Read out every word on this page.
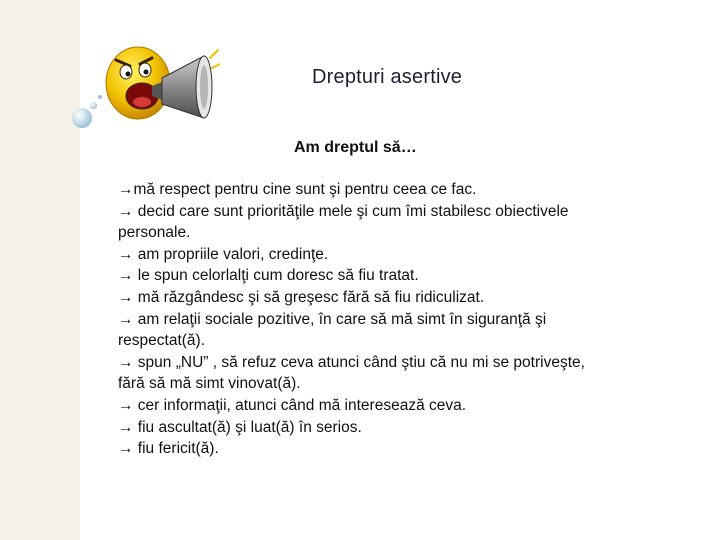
Drepturi asertive
Am dreptul să…
→mă respect pentru cine sunt şi pentru ceea ce fac.
→ decid care sunt priorităţile mele şi cum îmi stabilesc obiectivele personale.
→ am propriile valori, credinţe.
→ le spun celorlalţi cum doresc să fiu tratat.
→ mă răzgândesc şi să greşesc fără să fiu ridiculizat.
→ am relaţii sociale pozitive, în care să mă simt în siguranţă şi respectat(ă).
→ spun „NU” , să refuz ceva atunci când ştiu că nu mi se potriveşte, fără să mă simt vinovat(ă).
→ cer informaţii, atunci când mă interesează ceva.
→ fiu ascultat(ă) şi luat(ă) în serios.
→ fiu fericit(ă).
